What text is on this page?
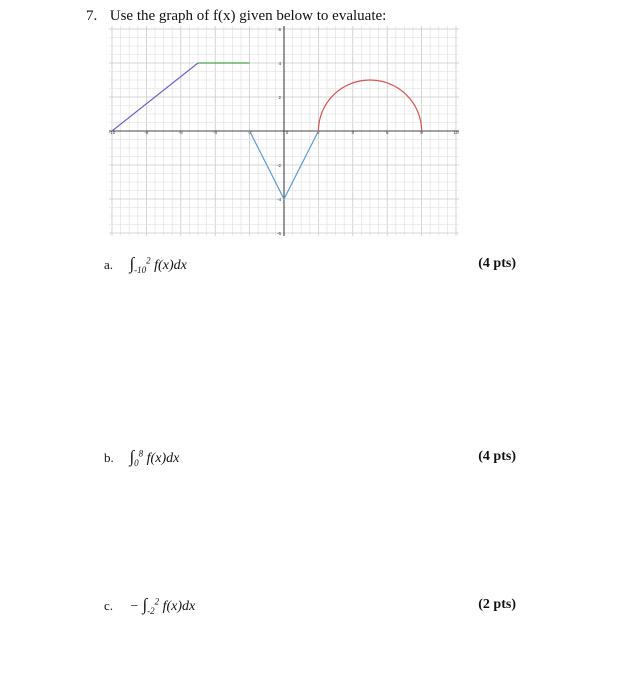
7. Use the graph of f(x) given below to evaluate:
-10	-8	-6	-4	-2	0	2	4	6	8	10
6
4
2
-2
-4
-6
a. $\int_{-10}^2$ f(x)dx	(4 pts)
b. $\int_0^8$ f(x)dx	(4 pts)
c. − $\int_{-2}^2$ f(x)dx	(2 pts)
